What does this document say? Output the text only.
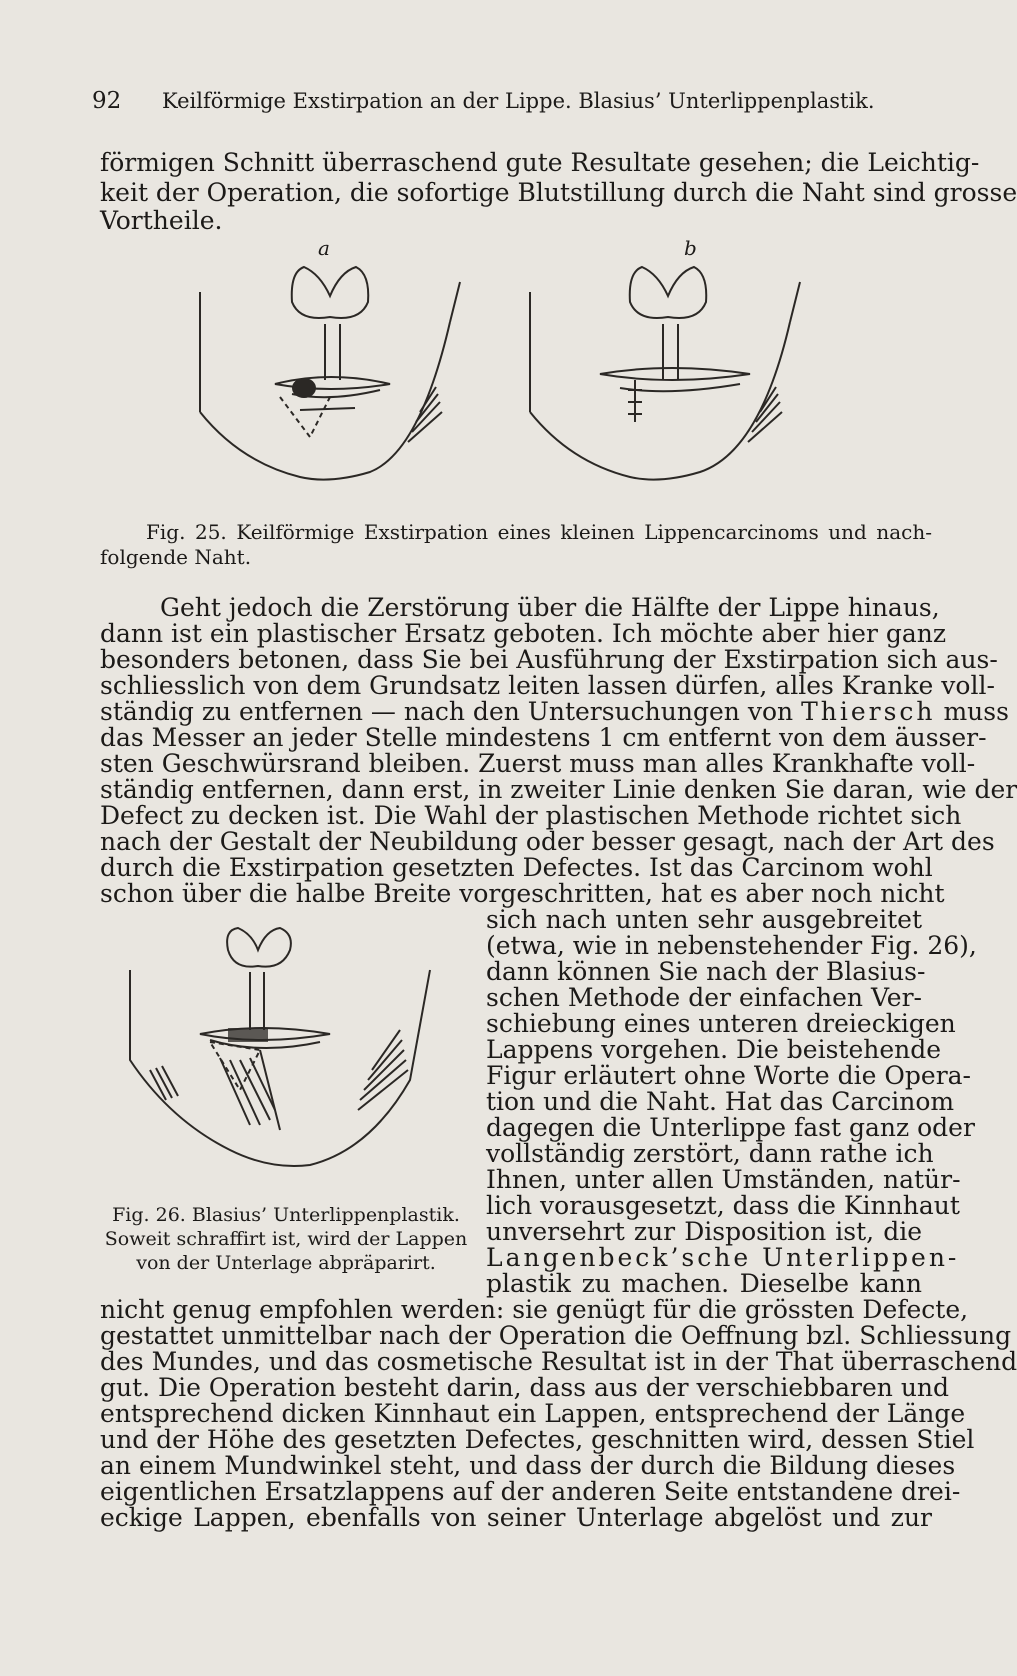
92 Keilförmige Exstirpation an der Lippe. Blasius’ Unterlippenplastik.
förmigen Schnitt überraschend gute Resultate gesehen; die Leichtig-
keit der Operation, die sofortige Blutstillung durch die Naht sind grosse
Vortheile.
a	b
Fig. 25. Keilförmige Exstirpation eines kleinen Lippencarcinoms und nach-
folgende Naht.
Geht jedoch die Zerstörung über die Hälfte der Lippe hinaus,
dann ist ein plastischer Ersatz geboten. Ich möchte aber hier ganz
besonders betonen, dass Sie bei Ausführung der Exstirpation sich aus-
schliesslich von dem Grundsatz leiten lassen dürfen, alles Kranke voll-
ständig zu entfernen — nach den Untersuchungen von Thiersch muss
das Messer an jeder Stelle mindestens 1 cm entfernt von dem äusser-
sten Geschwürsrand bleiben. Zuerst muss man alles Krankhafte voll-
ständig entfernen, dann erst, in zweiter Linie denken Sie daran, wie der
Defect zu decken ist. Die Wahl der plastischen Methode richtet sich
nach der Gestalt der Neubildung oder besser gesagt, nach der Art des
durch die Exstirpation gesetzten Defectes. Ist das Carcinom wohl
schon über die halbe Breite vorgeschritten, hat es aber noch nicht
sich nach unten sehr ausgebreitet
(etwa, wie in nebenstehender Fig. 26),
dann können Sie nach der Blasius-
schen Methode der einfachen Ver-
schiebung eines unteren dreieckigen
Lappens vorgehen. Die beistehende
Figur erläutert ohne Worte die Opera-
tion und die Naht. Hat das Carcinom
dagegen die Unterlippe fast ganz oder
vollständig zerstört, dann rathe ich
Ihnen, unter allen Umständen, natür-
lich vorausgesetzt, dass die Kinnhaut
unversehrt zur Disposition ist, die
Langenbeck’sche Unterlippen-
plastik zu machen. Dieselbe kann
Fig. 26. Blasius’ Unterlippenplastik.
Soweit schraffirt ist, wird der Lappen
von der Unterlage abpräparirt.
nicht genug empfohlen werden: sie genügt für die grössten Defecte,
gestattet unmittelbar nach der Operation die Oeffnung bzl. Schliessung
des Mundes, und das cosmetische Resultat ist in der That überraschend
gut. Die Operation besteht darin, dass aus der verschiebbaren und
entsprechend dicken Kinnhaut ein Lappen, entsprechend der Länge
und der Höhe des gesetzten Defectes, geschnitten wird, dessen Stiel
an einem Mundwinkel steht, und dass der durch die Bildung dieses
eigentlichen Ersatzlappens auf der anderen Seite entstandene drei-
eckige Lappen, ebenfalls von seiner Unterlage abgelöst und zur
